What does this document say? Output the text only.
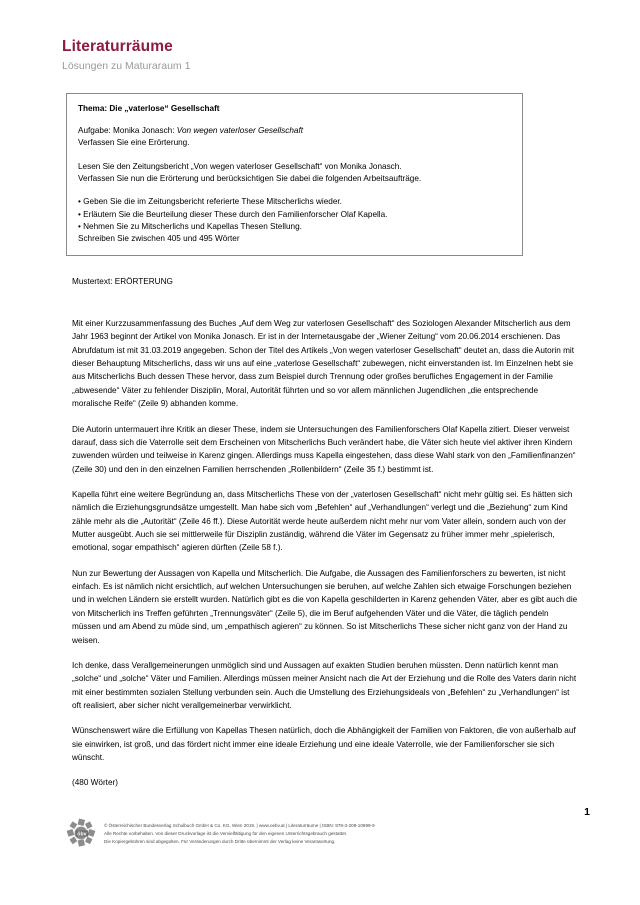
Literaturräume
Lösungen zu Maturaraum 1
Thema: Die „vaterlose“ Gesellschaft
Aufgabe: Monika Jonasch: Von wegen vaterloser Gesellschaft
Verfassen Sie eine Erörterung.
Lesen Sie den Zeitungsbericht „Von wegen vaterloser Gesellschaft“ von Monika Jonasch.
Verfassen Sie nun die Erörterung und berücksichtigen Sie dabei die folgenden Arbeitsaufträge.
• Geben Sie die im Zeitungsbericht referierte These Mitscherlichs wieder.
• Erläutern Sie die Beurteilung dieser These durch den Familienforscher Olaf Kapella.
• Nehmen Sie zu Mitscherlichs und Kapellas Thesen Stellung.
Schreiben Sie zwischen 405 und 495 Wörter
Mustertext: ERÖRTERUNG

Mit einer Kurzzusammenfassung des Buches „Auf dem Weg zur vaterlosen Gesellschaft“ des Soziologen Alexander Mitscherlich aus dem Jahr 1963 beginnt der Artikel von Monika Jonasch. Er ist in der Internetausgabe der „Wiener Zeitung“ vom 20.06.2014 erschienen. Das Abrufdatum ist mit 31.03.2019 angegeben. Schon der Titel des Artikels „Von wegen vaterloser Gesellschaft“ deutet an, dass die Autorin mit dieser Behauptung Mitscherlichs, dass wir uns auf eine „vaterlose Gesellschaft“ zubewegen, nicht einverstanden ist. Im Einzelnen hebt sie aus Mitscherlichs Buch dessen These hervor, dass zum Beispiel durch Trennung oder großes berufliches Engagement in der Familie „abwesende“ Väter zu fehlender Disziplin, Moral, Autorität führten und so vor allem männlichen Jugendlichen „die entsprechende moralische Reife“ (Zeile 9) abhanden komme.

Die Autorin untermauert ihre Kritik an dieser These, indem sie Untersuchungen des Familienforschers Olaf Kapella zitiert. Dieser verweist darauf, dass sich die Vaterrolle seit dem Erscheinen von Mitscherlichs Buch verändert habe, die Väter sich heute viel aktiver ihren Kindern zuwenden würden und teilweise in Karenz gingen. Allerdings muss Kapella eingestehen, dass diese Wahl stark von den „Familienfinanzen“ (Zeile 30) und den in den einzelnen Familien herrschenden „Rollenbildern“ (Zeile 35 f.) bestimmt ist.

Kapella führt eine weitere Begründung an, dass Mitscherlichs These von der „vaterlosen Gesellschaft“ nicht mehr gültig sei. Es hätten sich nämlich die Erziehungsgrundsätze umgestellt. Man habe sich vom „Befehlen“ auf „Verhandlungen“ verlegt und die „Beziehung“ zum Kind zähle mehr als die „Autorität“ (Zeile 46 ff.). Diese Autorität werde heute außerdem nicht mehr nur vom Vater allein, sondern auch von der Mutter ausgeübt. Auch sie sei mittlerweile für Disziplin zuständig, während die Väter im Gegensatz zu früher immer mehr „spielerisch, emotional, sogar empathisch“ agieren dürften (Zeile 58 f.).

Nun zur Bewertung der Aussagen von Kapella und Mitscherlich. Die Aufgabe, die Aussagen des Familienforschers zu bewerten, ist nicht einfach. Es ist nämlich nicht ersichtlich, auf welchen Untersuchungen sie beruhen, auf welche Zahlen sich etwaige Forschungen beziehen und in welchen Ländern sie erstellt wurden. Natürlich gibt es die von Kapella geschilderten in Karenz gehenden Väter, aber es gibt auch die von Mitscherlich ins Treffen geführten „Trennungsväter“ (Zeile 5), die im Beruf aufgehenden Väter und die Väter, die täglich pendeln müssen und am Abend zu müde sind, um „empathisch agieren“ zu können. So ist Mitscherlichs These sicher nicht ganz von der Hand zu weisen.

Ich denke, dass Verallgemeinerungen unmöglich sind und Aussagen auf exakten Studien beruhen müssten. Denn natürlich kennt man „solche“ und „solche“ Väter und Familien. Allerdings müssen meiner Ansicht nach die Art der Erziehung und die Rolle des Vaters darin nicht mit einer bestimmten sozialen Stellung verbunden sein. Auch die Umstellung des Erziehungsideals von „Befehlen“ zu „Verhandlungen“ ist oft realisiert, aber sicher nicht verallgemeinerbar verwirklicht.

Wünschenswert wäre die Erfüllung von Kapellas Thesen natürlich, doch die Abhängigkeit der Familien von Faktoren, die von außerhalb auf sie einwirken, ist groß, und das fördert nicht immer eine ideale Erziehung und eine ideale Vaterrolle, wie der Familienforscher sie sich wünscht.

(480 Wörter)

1
öbv
© Österreichischer Bundesverlag Schulbuch GmbH & Co. KG, Wien 2019. | www.oebv.at | Literaturräume | ISBN: 978-3-209-10899-9
Alle Rechte vorbehalten. Von dieser Druckvorlage ist die Vervielfältigung für den eigenen Unterrichtsgebrauch gestattet.
Die Kopiergebühren sind abgegolten. Für Veränderungen durch Dritte übernimmt der Verlag keine Verantwortung.
